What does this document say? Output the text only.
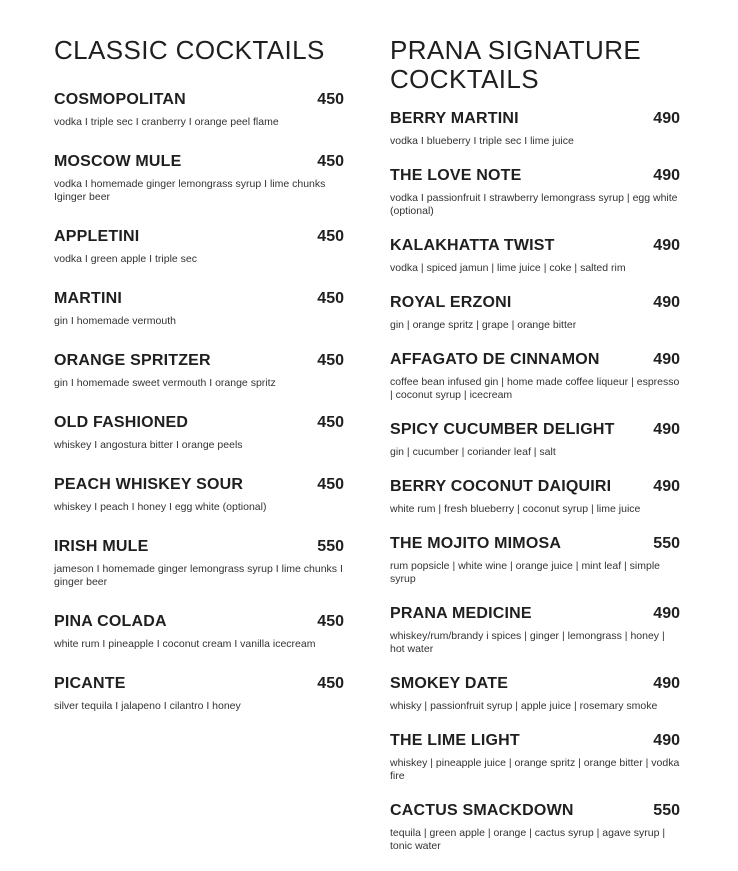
CLASSIC COCKTAILS
COSMOPOLITAN	450
vodka I triple sec I cranberry I orange peel flame
MOSCOW MULE	450
vodka I homemade ginger lemongrass syrup I lime chunks Iginger beer
APPLETINI	450
vodka I green apple I triple sec
MARTINI	450
gin I homemade vermouth
ORANGE SPRITZER	450
gin I homemade sweet vermouth I orange spritz
OLD FASHIONED	450
whiskey I angostura bitter I orange peels
PEACH WHISKEY SOUR	450
whiskey I peach I honey I egg white (optional)
IRISH MULE	550
jameson I homemade ginger lemongrass syrup I lime chunks I ginger beer
PINA COLADA	450
white rum I pineapple I coconut cream I vanilla icecream
PICANTE	450
silver tequila I jalapeno I cilantro I honey
PRANA SIGNATURE
COCKTAILS
BERRY MARTINI	490
vodka I blueberry I triple sec I lime juice
THE LOVE NOTE	490
vodka I passionfruit I strawberry lemongrass syrup | egg white (optional)
KALAKHATTA TWIST	490
vodka | spiced jamun | lime juice | coke | salted rim
ROYAL ERZONI	490
gin | orange spritz | grape | orange bitter
AFFAGATO DE CINNAMON	490
coffee bean infused gin | home made coffee liqueur | espresso | coconut syrup | icecream
SPICY CUCUMBER DELIGHT 490
gin | cucumber | coriander leaf | salt
BERRY COCONUT DAIQUIRI	490
white rum | fresh blueberry | coconut syrup | lime juice
THE MOJITO MIMOSA	550
rum popsicle | white wine | orange juice | mint leaf | simple syrup
PRANA MEDICINE	490
whiskey/rum/brandy i spices | ginger | lemongrass | honey | hot water
SMOKEY DATE	490
whisky | passionfruit syrup | apple juice | rosemary smoke
THE LIME LIGHT	490
whiskey | pineapple juice | orange spritz | orange bitter | vodka fire
CACTUS SMACKDOWN	550
tequila | green apple | orange | cactus syrup | agave syrup | tonic water
